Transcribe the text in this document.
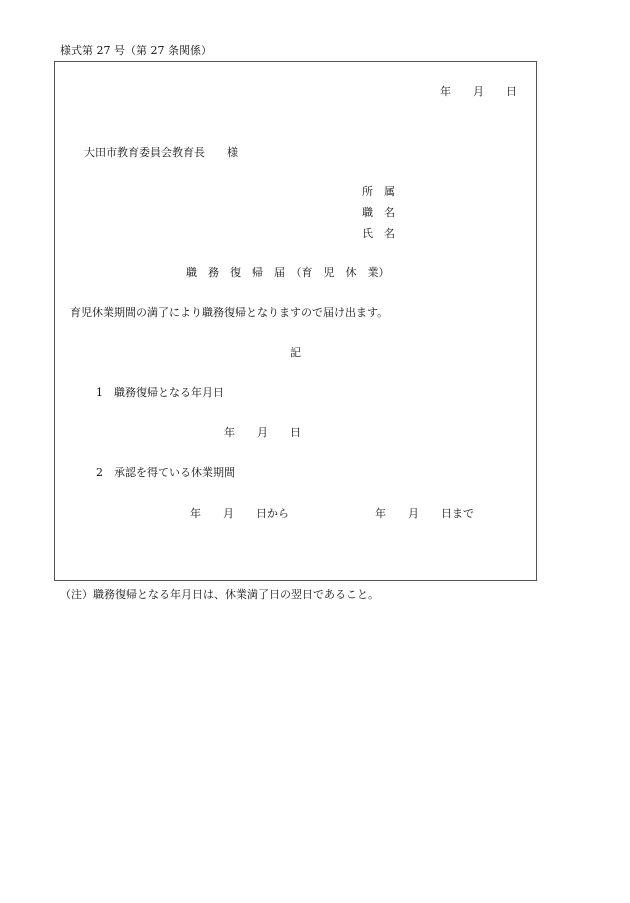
様式第 27 号（第 27 条関係）
年　　月　　日
大田市教育委員会教育長　　様
所　属
職　名
氏　名
職　務　復　帰　届　（育　児　休　業）
育児休業期間の満了により職務復帰となりますので届け出ます。
記
1　職務復帰となる年月日
年　　月　　日
2　承認を得ている休業期間
年　　月　　日から	年　　月　　日まで
（注）職務復帰となる年月日は、休業満了日の翌日であること。
